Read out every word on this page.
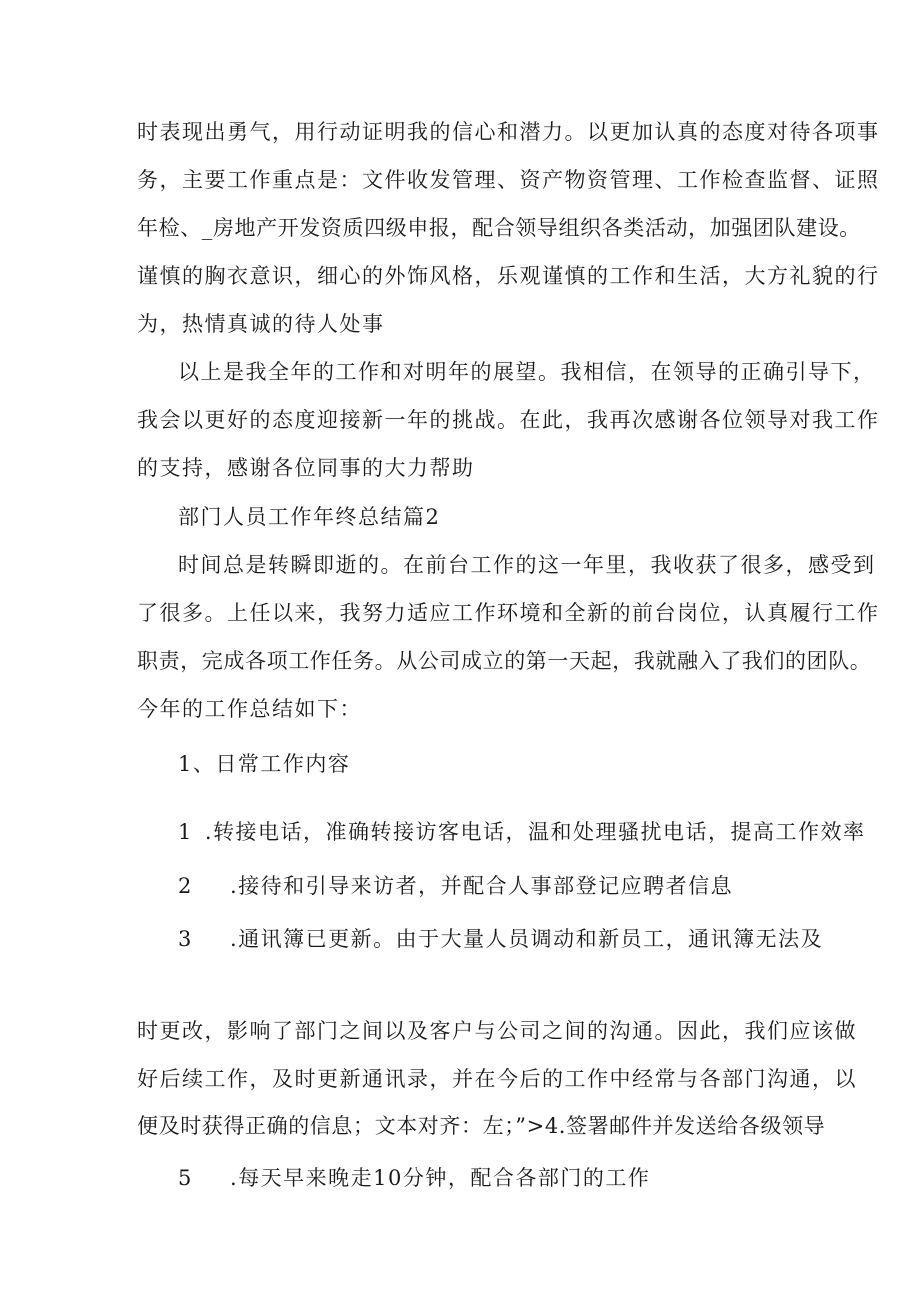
时表现出勇气，用行动证明我的信心和潜力。以更加认真的态度对待各项事
务，主要工作重点是：文件收发管理、资产物资管理、工作检查监督、证照
年检、_房地产开发资质四级申报，配合领导组织各类活动，加强团队建设。
谨慎的胸衣意识，细心的外饰风格，乐观谨慎的工作和生活，大方礼貌的行
为，热情真诚的待人处事
以上是我全年的工作和对明年的展望。我相信，在领导的正确引导下，
我会以更好的态度迎接新一年的挑战。在此，我再次感谢各位领导对我工作
的支持，感谢各位同事的大力帮助
部门人员工作年终总结篇2
时间总是转瞬即逝的。在前台工作的这一年里，我收获了很多，感受到
了很多。上任以来，我努力适应工作环境和全新的前台岗位，认真履行工作
职责，完成各项工作任务。从公司成立的第一天起，我就融入了我们的团队。
今年的工作总结如下：
1、日常工作内容
1 .转接电话，准确转接访客电话，温和处理骚扰电话，提高工作效率
2 .接待和引导来访者，并配合人事部登记应聘者信息
3 .通讯簿已更新。由于大量人员调动和新员工，通讯簿无法及
时更改，影响了部门之间以及客户与公司之间的沟通。因此，我们应该做
好后续工作，及时更新通讯录，并在今后的工作中经常与各部门沟通，以
便及时获得正确的信息；文本对齐：左；”>4.签署邮件并发送给各级领导
5 .每天早来晚走10分钟，配合各部门的工作
